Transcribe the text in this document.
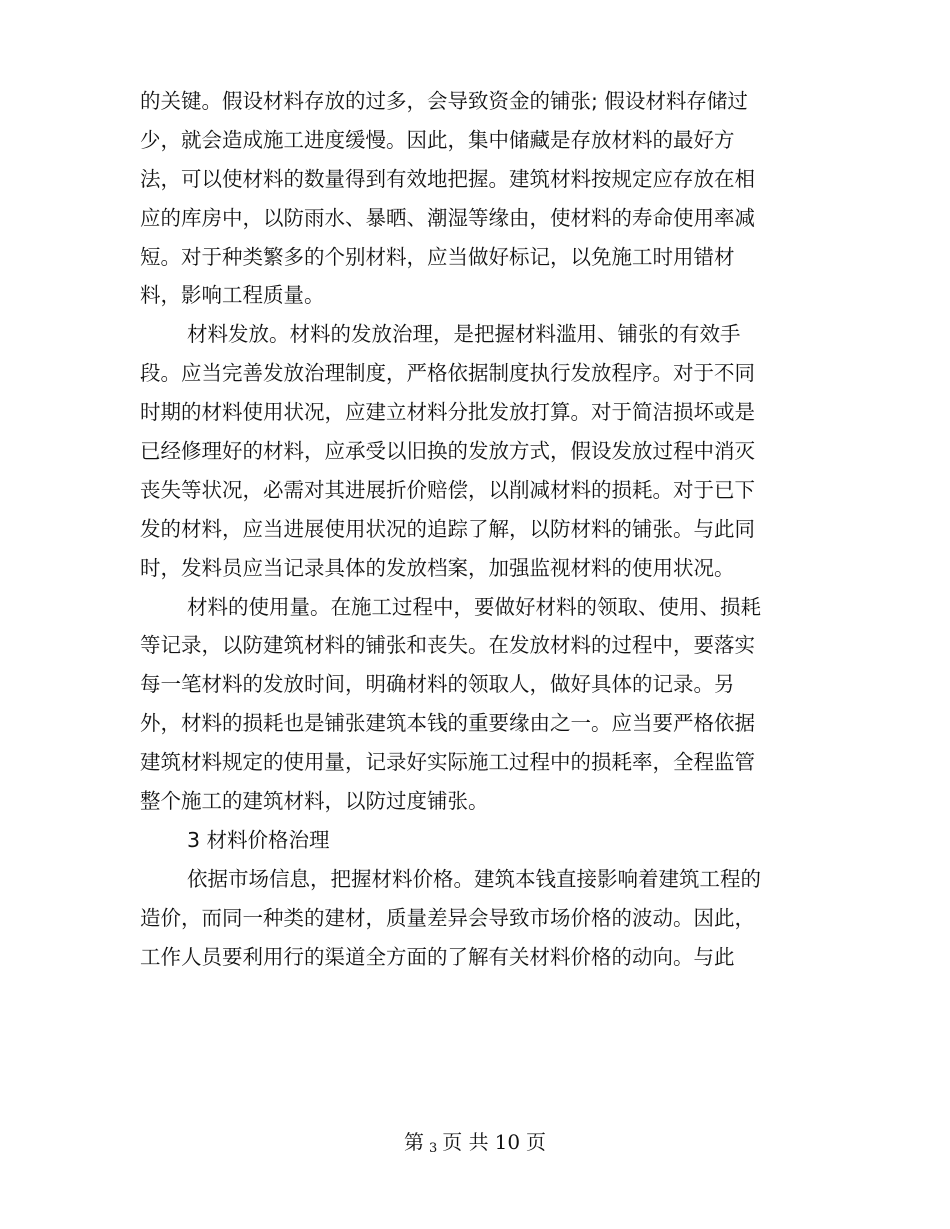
的关键。假设材料存放的过多，会导致资金的铺张; 假设材料存储过
少，就会造成施工进度缓慢。因此，集中储藏是存放材料的最好方
法，可以使材料的数量得到有效地把握。建筑材料按规定应存放在相
应的库房中，以防雨水、暴晒、潮湿等缘由，使材料的寿命使用率减
短。对于种类繁多的个别材料，应当做好标记，以免施工时用错材
料，影响工程质量。
材料发放。材料的发放治理，是把握材料滥用、铺张的有效手
段。应当完善发放治理制度，严格依据制度执行发放程序。对于不同
时期的材料使用状况，应建立材料分批发放打算。对于简洁损坏或是
已经修理好的材料，应承受以旧换的发放方式，假设发放过程中消灭
丧失等状况，必需对其进展折价赔偿，以削减材料的损耗。对于已下
发的材料，应当进展使用状况的追踪了解，以防材料的铺张。与此同
时，发料员应当记录具体的发放档案，加强监视材料的使用状况。
材料的使用量。在施工过程中，要做好材料的领取、使用、损耗
等记录，以防建筑材料的铺张和丧失。在发放材料的过程中，要落实
每一笔材料的发放时间，明确材料的领取人，做好具体的记录。另
外，材料的损耗也是铺张建筑本钱的重要缘由之一。应当要严格依据
建筑材料规定的使用量，记录好实际施工过程中的损耗率，全程监管
整个施工的建筑材料，以防过度铺张。
3 材料价格治理
依据市场信息，把握材料价格。建筑本钱直接影响着建筑工程的
造价，而同一种类的建材，质量差异会导致市场价格的波动。因此，
工作人员要利用行的渠道全方面的了解有关材料价格的动向。与此
第 3 页 共 10 页
